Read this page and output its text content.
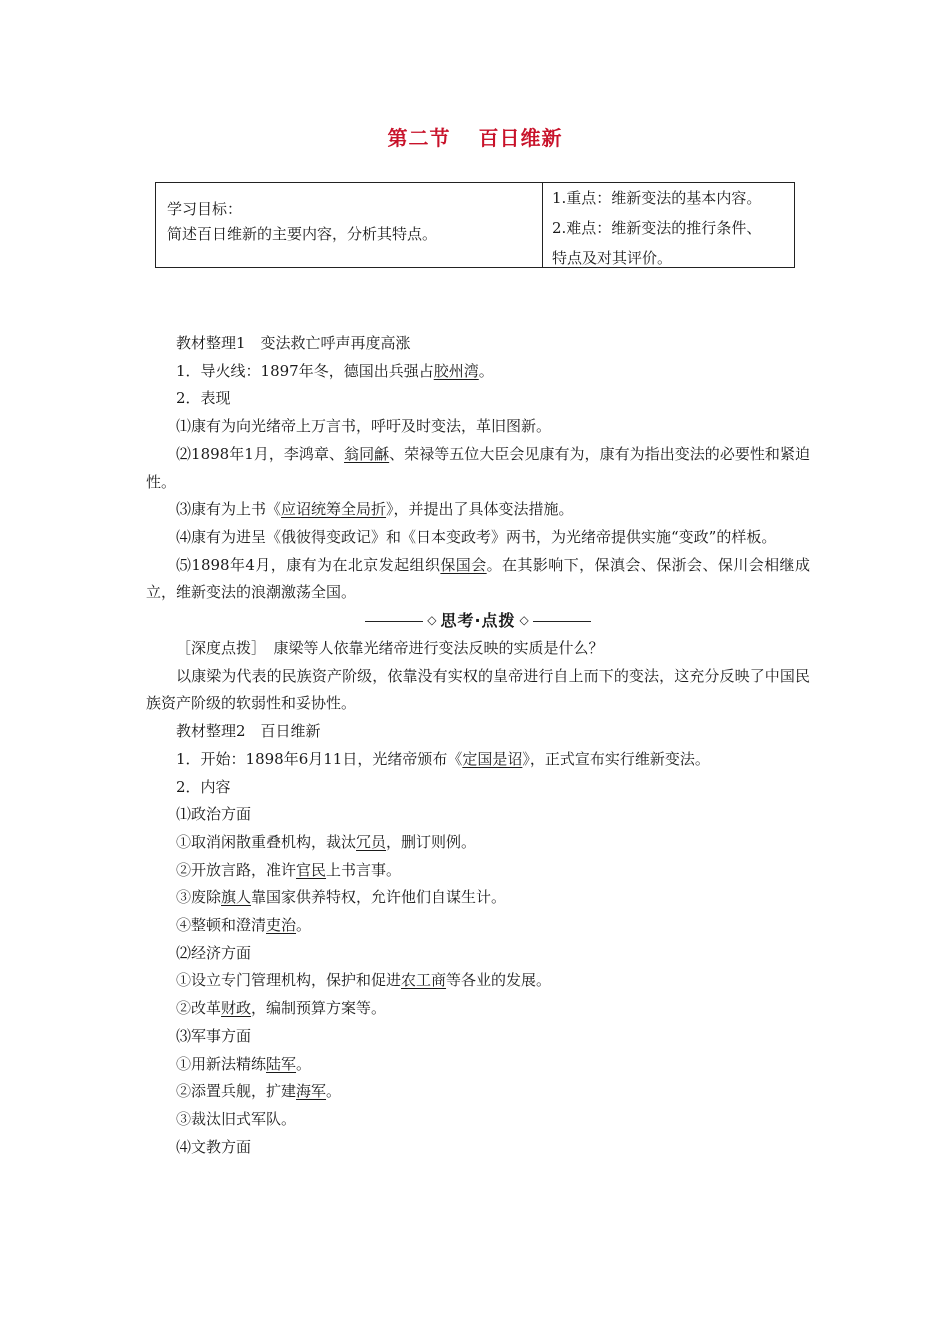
第二节 百日维新
学习目标：
简述百日维新的主要内容，分析其特点。
1.重点：维新变法的基本内容。
2.难点：维新变法的推行条件、
特点及对其评价。

教材整理1　变法救亡呼声再度高涨

1．导火线：1897年冬，德国出兵强占胶州湾。

2．表现

⑴康有为向光绪帝上万言书，呼吁及时变法，革旧图新。

⑵1898年1月，李鸿章、翁同龢、荣禄等五位大臣会见康有为，康有为指出变法的必要性和紧迫性。

⑶康有为上书《应诏统筹全局折》，并提出了具体变法措施。

⑷康有为进呈《俄彼得变政记》和《日本变政考》两书，为光绪帝提供实施“变政”的样板。

⑸1898年4月，康有为在北京发起组织保国会。在其影响下，保滇会、保浙会、保川会相继成立，维新变法的浪潮激荡全国。

◇ 思考·点拨 ◇

［深度点拨］　康梁等人依靠光绪帝进行变法反映的实质是什么？

以康梁为代表的民族资产阶级，依靠没有实权的皇帝进行自上而下的变法，这充分反映了中国民族资产阶级的软弱性和妥协性。

教材整理2　百日维新

1．开始：1898年6月11日，光绪帝颁布《定国是诏》，正式宣布实行维新变法。

2．内容

⑴政治方面

①取消闲散重叠机构，裁汰冗员，删订则例。

②开放言路，准许官民上书言事。

③废除旗人靠国家供养特权，允许他们自谋生计。

④整顿和澄清吏治。

⑵经济方面

①设立专门管理机构，保护和促进农工商等各业的发展。

②改革财政，编制预算方案等。

⑶军事方面

①用新法精练陆军。

②添置兵舰，扩建海军。

③裁汰旧式军队。

⑷文教方面
